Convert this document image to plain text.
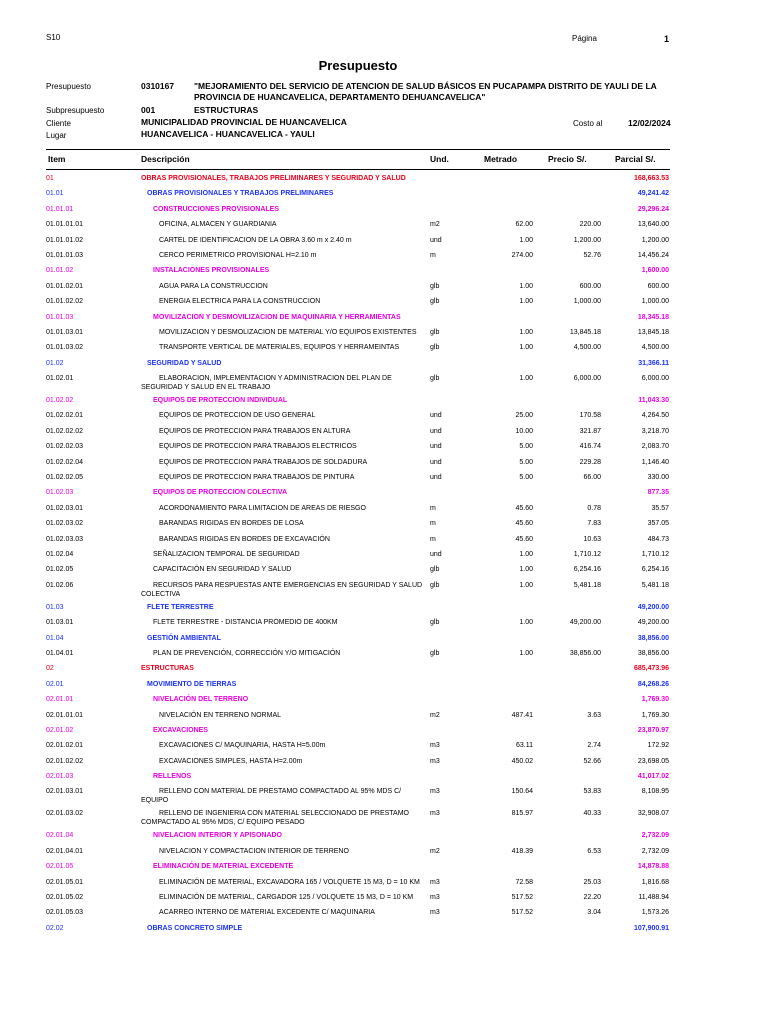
S10	Página	1
Presupuesto
Presupuesto	0310167 "MEJORAMIENTO DEL SERVICIO DE ATENCION DE SALUD BÁSICOS EN PUCAPAMPA DISTRITO DE YAULI DE LA PROVINCIA DE HUANCAVELICA, DEPARTAMENTO DEHUANCAVELICA"
Subpresupuesto	001	ESTRUCTURAS
Cliente	MUNICIPALIDAD PROVINCIAL DE HUANCAVELICA	Costo al	12/02/2024
Lugar	HUANCAVELICA - HUANCAVELICA - YAULI
Item	Descripción	Und.	Metrado	Precio S/.	Parcial S/.
01	OBRAS PROVISIONALES, TRABAJOS PRELIMINARES Y SEGURIDAD Y SALUD	168,663.53
01.01	OBRAS PROVISIONALES Y TRABAJOS PRELIMINARES	49,241.42
01.01.01	CONSTRUCCIONES PROVISIONALES	29,296.24
01.01.01.01	OFICINA, ALMACEN Y GUARDIANIA	m2	62.00	220.00	13,640.00
01.01.01.02	CARTEL DE IDENTIFICACION DE LA OBRA 3.60 m x 2.40 m	und	1.00	1,200.00	1,200.00
01.01.01.03	CERCO PERIMETRICO PROVISIONAL H=2.10 m	m	274.00	52.76	14,456.24
01.01.02	INSTALACIONES PROVISIONALES	1,600.00
01.01.02.01	AGUA PARA LA CONSTRUCCION	glb	1.00	600.00	600.00
01.01.02.02	ENERGIA ELECTRICA PARA LA CONSTRUCCION	glb	1.00	1,000.00	1,000.00
01.01.03	MOVILIZACION Y DESMOVILIZACION DE MAQUINARIA Y HERRAMIENTAS	18,345.18
01.01.03.01	MOVILIZACION Y DESMOLIZACION DE MATERIAL Y/O EQUIPOS EXISTENTES glb	1.00	13,845.18	13,845.18
01.01.03.02	TRANSPORTE VERTICAL DE MATERIALES, EQUIPOS Y HERRAMEINTAS	glb	1.00	4,500.00	4,500.00
01.02	SEGURIDAD Y SALUD	31,366.11
01.02.01	ELABORACION, IMPLEMENTACION Y ADMINISTRACION DEL PLAN DE SEGURIDAD Y SALUD EN EL TRABAJO
glb	1.00	6,000.00	6,000.00
01.02.02	EQUIPOS DE PROTECCION INDIVIDUAL	11,043.30
01.02.02.01	EQUIPOS DE PROTECCION DE USO GENERAL	und	25.00	170.58	4,264.50
01.02.02.02	EQUIPOS DE PROTECCION PARA TRABAJOS EN ALTURA	und	10.00	321.87	3,218.70
01.02.02.03	EQUIPOS DE PROTECCION PARA TRABAJOS ELECTRICOS	und	5.00	416.74	2,083.70
01.02.02.04	EQUIPOS DE PROTECCION PARA TRABAJOS DE SOLDADURA	und	5.00	229.28	1,146.40
01.02.02.05	EQUIPOS DE PROTECCION PARA TRABAJOS DE PINTURA	und	5.00	66.00	330.00
01.02.03	EQUIPOS DE PROTECCION COLECTIVA	877.35
01.02.03.01	ACORDONAMIENTO PARA LIMITACION DE AREAS DE RIESGO	m	45.60	0.78	35.57
01.02.03.02	BARANDAS RIGIDAS EN BORDES DE LOSA	m	45.60	7.83	357.05
01.02.03.03	BARANDAS RIGIDAS EN BORDES DE EXCAVACIÓN	m	45.60	10.63	484.73
01.02.04	SEÑALIZACION TEMPORAL DE SEGURIDAD	und	1.00	1,710.12	1,710.12
01.02.05	CAPACITACIÓN EN SEGURIDAD Y SALUD	glb	1.00	6,254.16	6,254.16
01.02.06	RECURSOS PARA RESPUESTAS ANTE EMERGENCIAS EN SEGURIDAD Y SALUD COLECTIVA
glb	1.00	5,481.18	5,481.18
01.03	FLETE TERRESTRE	49,200.00
01.03.01	FLETE TERRESTRE - DISTANCIA PROMEDIO DE 400KM	glb	1.00	49,200.00	49,200.00
01.04	GESTIÓN AMBIENTAL	38,856.00
01.04.01	PLAN DE PREVENCIÓN, CORRECCIÓN Y/O MITIGACIÓN	glb	1.00	38,856.00	38,856.00
02	ESTRUCTURAS	685,473.96
02.01	MOVIMIENTO DE TIERRAS	84,268.26
02.01.01	NIVELACIÓN DEL TERRENO	1,769.30
02.01.01.01	NIVELACIÓN EN TERRENO NORMAL	m2	487.41	3.63	1,769.30
02.01.02	EXCAVACIONES	23,870.97
02.01.02.01	EXCAVACIONES C/ MAQUINARIA, HASTA H=5.00m	m3	63.11	2.74	172.92
02.01.02.02	EXCAVACIONES SIMPLES, HASTA H=2.00m	m3	450.02	52.66	23,698.05
02.01.03	RELLENOS	41,017.02
02.01.03.01	RELLENO CON MATERIAL DE PRESTAMO COMPACTADO AL 95% MDS C/ EQUIPO
m3	150.64	53.83	8,108.95
02.01.03.02	RELLENO DE INGENIERIA CON MATERIAL SELECCIONADO DE PRESTAMO COMPACTADO AL 95% MDS, C/ EQUIPO PESADO
m3	815.97	40.33	32,908.07
02.01.04	NIVELACION INTERIOR Y APISONADO	2,732.09
02.01.04.01	NIVELACION Y COMPACTACION INTERIOR DE TERRENO	m2	418.39	6.53	2,732.09
02.01.05	ELIMINACIÓN DE MATERIAL EXCEDENTE	14,878.88
02.01.05.01	ELIMINACIÓN DE MATERIAL, EXCAVADORA 165 / VOLQUETE 15 M3, D = 10 KM m3	72.58	25.03	1,816.68
02.01.05.02	ELIMINACIÓN DE MATERIAL, CARGADOR 125 / VOLQUETE 15 M3, D = 10 KM m3	517.52	22.20	11,488.94
02.01.05.03	ACARREO INTERNO DE MATERIAL EXCEDENTE C/ MAQUINARIA	m3	517.52	3.04	1,573.26
02.02	OBRAS CONCRETO SIMPLE	107,900.91
